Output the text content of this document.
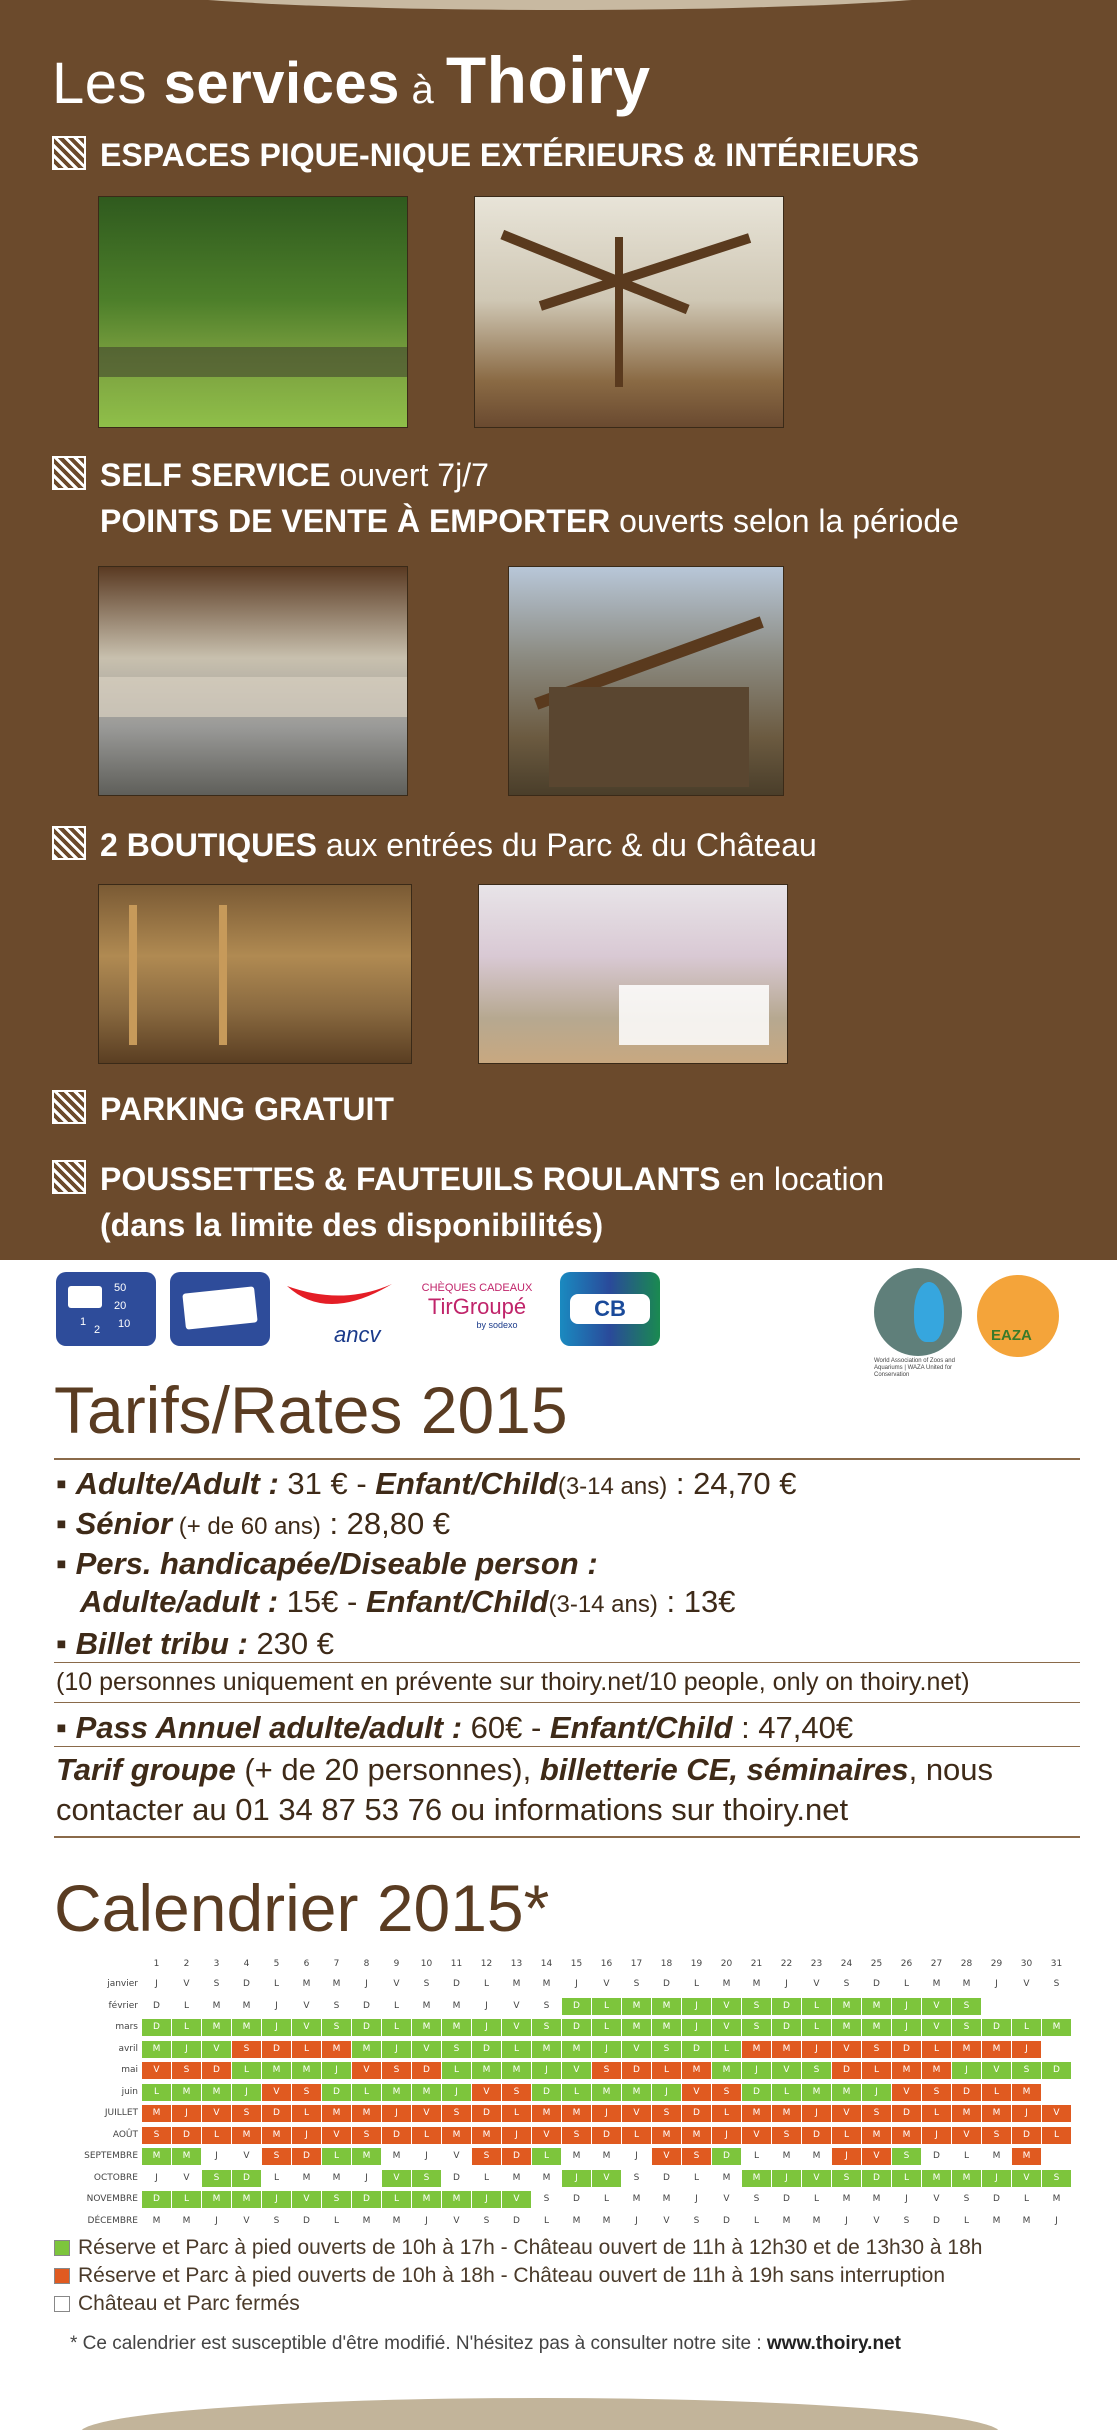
Les services à Thoiry
ESPACES PIQUE-NIQUE EXTÉRIEURS & INTÉRIEURS
SELF SERVICE ouvert 7j/7
POINTS DE VENTE À EMPORTER ouverts selon la période
2 BOUTIQUES aux entrées du Parc & du Château
PARKING GRATUIT
POUSSETTES & FAUTEUILS ROULANTS en location
(dans la limite des disponibilités)
50
20
10
1
2	ancv
CHÈQUES CADEAUX
TirGroupé
by sodexo
CB
World Association of Zoos and Aquariums | WAZA United for Conservation
EAZA
Tarifs/Rates 2015
▪ Adulte/Adult : 31 € - Enfant/Child(3-14 ans) : 24,70 €
▪ Sénior (+ de 60 ans) : 28,80 €
▪ Pers. handicapée/Diseable person :
Adulte/adult : 15€ - Enfant/Child(3-14 ans) : 13€
▪ Billet tribu : 230 €
(10 personnes uniquement en prévente sur thoiry.net/10 people, only on thoiry.net)
▪ Pass Annuel adulte/adult : 60€ - Enfant/Child : 47,40€
Tarif groupe (+ de 20 personnes), billetterie CE, séminaires, nous
contacter au 01 34 87 53 76 ou informations sur thoiry.net
Calendrier 2015*
1	2	3	4	5	6	7	8	9	10	11	12	13	14	15	16	17	18	19	20	21	22	23	24	25	26	27	28	29	30	31
janvier	J	V	S	D	L	M	M	J	V	S	D	L	M	M	J	V	S	D	L	M	M	J	V	S	D	L	M	M	J	V	S
février	D	L	M	M	J	V	S	D	L	M	M	J	V	S	D	L	M	M	J	V	S	D	L	M	M	J	V	S
mars	D	L	M	M	J	V	S	D	L	M	M	J	V	S	D	L	M	M	J	V	S	D	L	M	M	J	V	S	D	L	M
avril	M	J	V	S	D	L	M	M	J	V	S	D	L	M	M	J	V	S	D	L	M	M	J	V	S	D	L	M	M	J
mai	V	S	D	L	M	M	J	V	S	D	L	M	M	J	V	S	D	L	M	M	J	V	S	D	L	M	M	J	V	S	D
juin	L	M	M	J	V	S	D	L	M	M	J	V	S	D	L	M	M	J	V	S	D	L	M	M	J	V	S	D	L	M
JUILLET	M	J	V	S	D	L	M	M	J	V	S	D	L	M	M	J	V	S	D	L	M	M	J	V	S	D	L	M	M	J	V
AOÛT	S	D	L	M	M	J	V	S	D	L	M	M	J	V	S	D	L	M	M	J	V	S	D	L	M	M	J	V	S	D	L
SEPTEMBRE	M	M	J	V	S	D	L	M	M	J	V	S	D	L	M	M	J	V	S	D	L	M	M	J	V	S	D	L	M	M
OCTOBRE	J	V	S	D	L	M	M	J	V	S	D	L	M	M	J	V	S	D	L	M	M	J	V	S	D	L	M	M	J	V	S
NOVEMBRE	D	L	M	M	J	V	S	D	L	M	M	J	V	S	D	L	M	M	J	V	S	D	L	M	M	J	V	S	D	L	M
DÉCEMBRE	M	M	J	V	S	D	L	M	M	J	V	S	D	L	M	M	J	V	S	D	L	M	M	J	V	S	D	L	M	M	J
Réserve et Parc à pied ouverts de 10h à 17h - Château ouvert de 11h à 12h30 et de 13h30 à 18h
Réserve et Parc à pied ouverts de 10h à 18h - Château ouvert de 11h à 19h sans interruption
Château et Parc fermés
* Ce calendrier est susceptible d'être modifié. N'hésitez pas à consulter notre site : www.thoiry.net
